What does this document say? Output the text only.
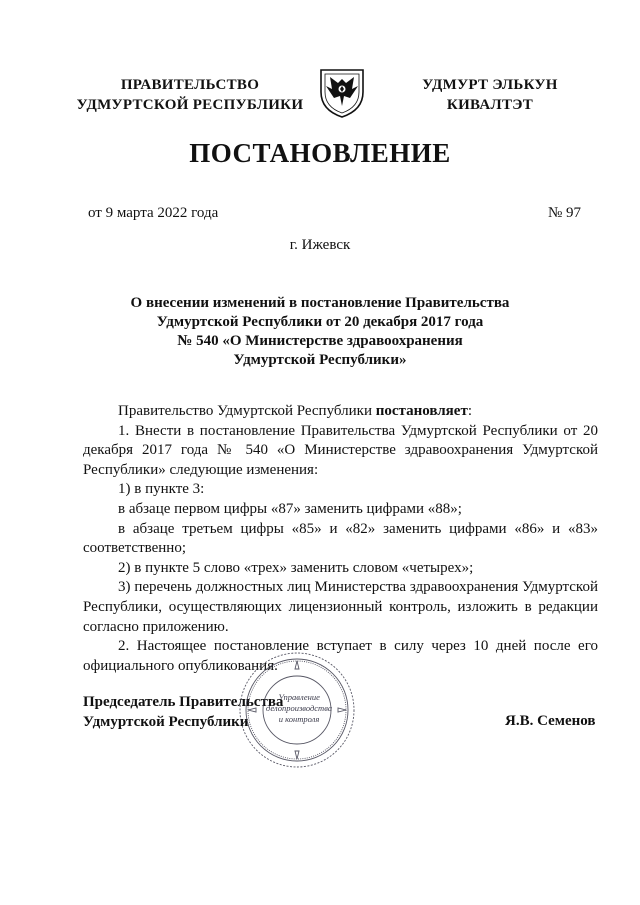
ПРАВИТЕЛЬСТВО
УДМУРТСКОЙ РЕСПУБЛИКИ
УДМУРТ ЭЛЬКУН
КИВАЛТЭТ
ПОСТАНОВЛЕНИЕ
от 9 марта 2022 года	№ 97
г. Ижевск
О внесении изменений в постановление Правительства
Удмуртской Республики от 20 декабря 2017 года
№ 540 «О Министерстве здравоохранения
Удмуртской Республики»

Правительство Удмуртской Республики постановляет:

1. Внести в постановление Правительства Удмуртской Республики от 20 декабря 2017 года № 540 «О Министерстве здравоохранения Удмуртской Республики» следующие изменения:

1) в пункте 3:

в абзаце первом цифры «87» заменить цифрами «88»;

в абзаце третьем цифры «85» и «82» заменить цифрами «86» и «83» соответственно;

2) в пункте 5 слово «трех» заменить словом «четырех»;

3) перечень должностных лиц Министерства здравоохранения Удмуртской Республики, осуществляющих лицензионный контроль, изложить в редакции согласно приложению.

2. Настоящее постановление вступает в силу через 10 дней после его официального опубликования.

Председатель Правительства
Удмуртской Республики	Я.В. Семенов
Управление
делопроизводства
и контроля
